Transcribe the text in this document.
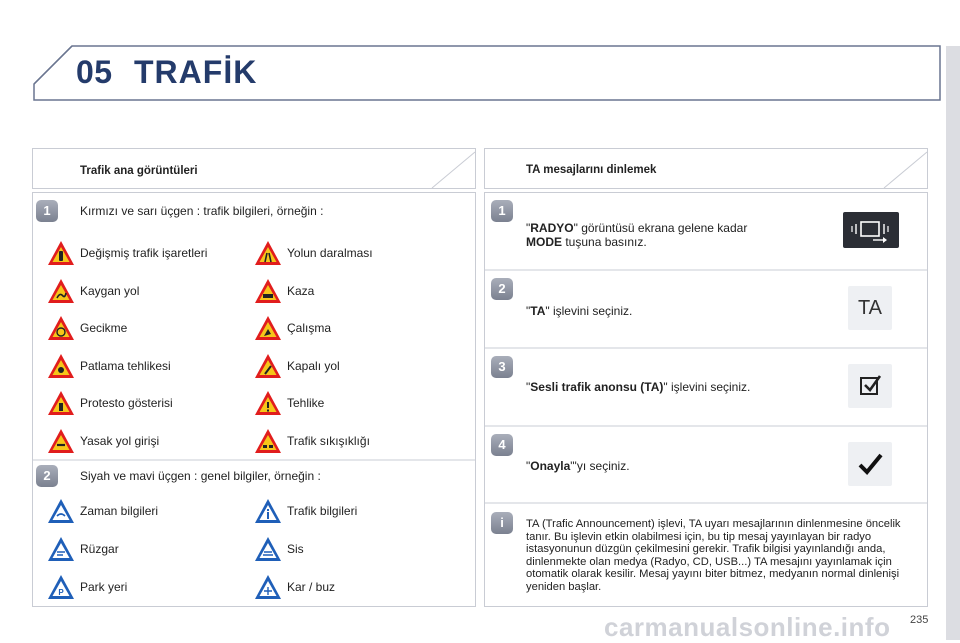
05 TRAFİK
Trafik ana görüntüleri
1	Kırmızı ve sarı üçgen : trafik bilgileri, örneğin :
Değişmiş trafik işaretleri	Yolun daralması
Kaygan yol	Kaza
Gecikme	Çalışma
Patlama tehlikesi	Kapalı yol
Protesto gösterisi	Tehlike
Yasak yol girişi	Trafik sıkışıklığı
2	Siyah ve mavi üçgen : genel bilgiler, örneğin :
Zaman bilgileri	Trafik bilgileri
Rüzgar	Sis
P Park yeri	Kar / buz
TA mesajlarını dinlemek
1
"RADYO" görüntüsü ekrana gelene kadar
MODE tuşuna basınız.
2
"TA" işlevini seçiniz.	TA
3
"Sesli trafik anonsu (TA)" işlevini seçiniz.
4
"Onayla"'yı seçiniz.
i	TA (Trafic Announcement) işlevi, TA uyarı mesajlarının dinlenmesine öncelik tanır. Bu işlevin etkin olabilmesi için, bu tip mesaj yayınlayan bir radyo istasyonunun düzgün çekilmesini gerekir. Trafik bilgisi yayınlandığı anda, dinlenmekte olan medya (Radyo, CD, USB...) TA mesajını yayınlamak için otomatik olarak kesilir. Mesaj yayını biter bitmez, medyanın normal dinlenişi yeniden başlar.
carmanualsonline.info 235
